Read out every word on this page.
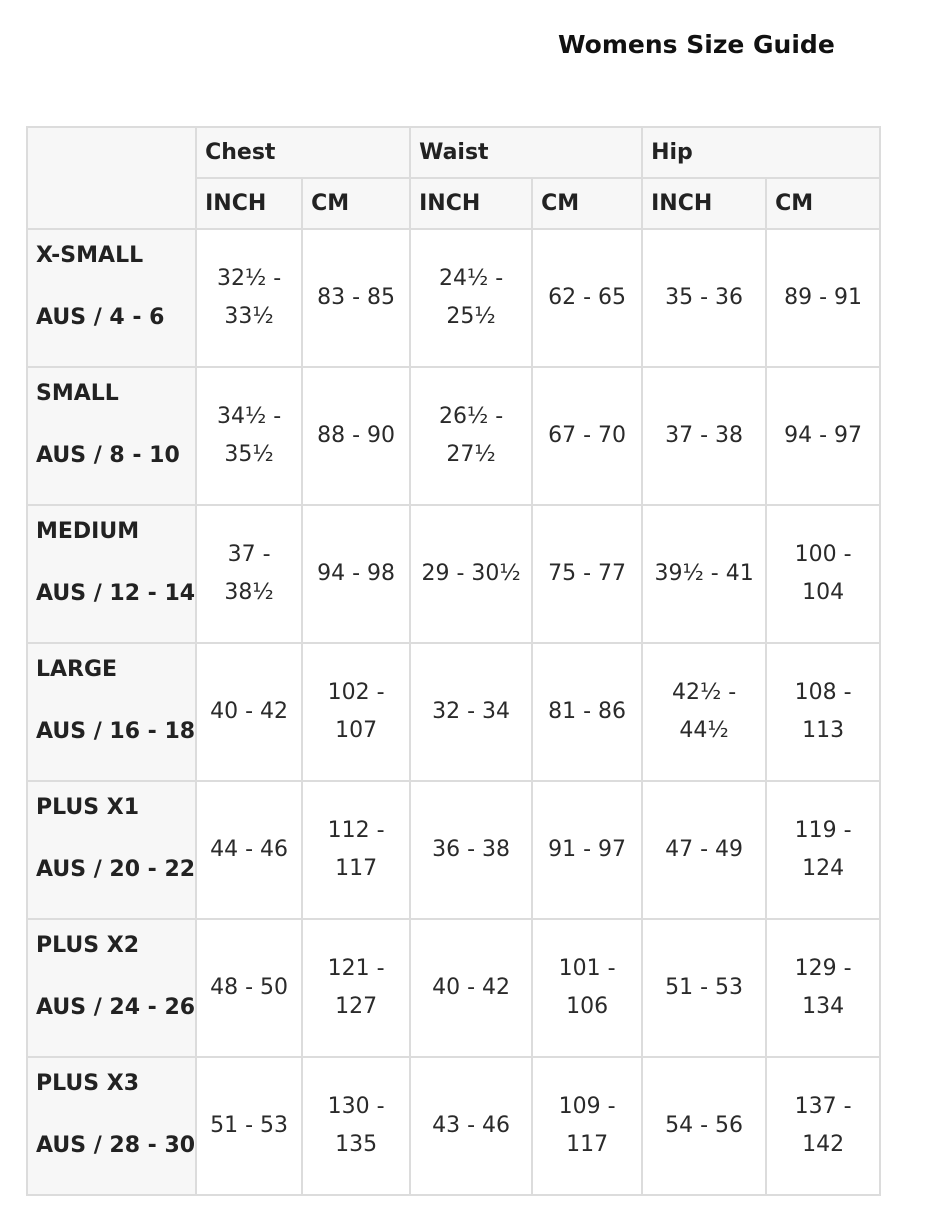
Womens Size Guide
	Chest		Waist		Hip	
	INCH	CM	INCH	CM	INCH	CM

X-SMALL
AUS / 4 - 6	32½ - 33½	83 - 85	24½ - 25½	62 - 65	35 - 36	89 - 91

SMALL
AUS / 8 - 10	34½ - 35½	88 - 90	26½ - 27½	67 - 70	37 - 38	94 - 97

MEDIUM
AUS / 12 - 14	37 - 38½	94 - 98	29 - 30½	75 - 77	39½ - 41	100 - 104

LARGE
AUS / 16 - 18	40 - 42	102 - 107	32 - 34	81 - 86	42½ - 44½	108 - 113

PLUS X1
AUS / 20 - 22	44 - 46	112 - 117	36 - 38	91 - 97	47 - 49	119 - 124

PLUS X2
AUS / 24 - 26	48 - 50	121 - 127	40 - 42	101 - 106	51 - 53	129 - 134

PLUS X3
AUS / 28 - 30	51 - 53	130 - 135	43 - 46	109 - 117	54 - 56	137 - 142
